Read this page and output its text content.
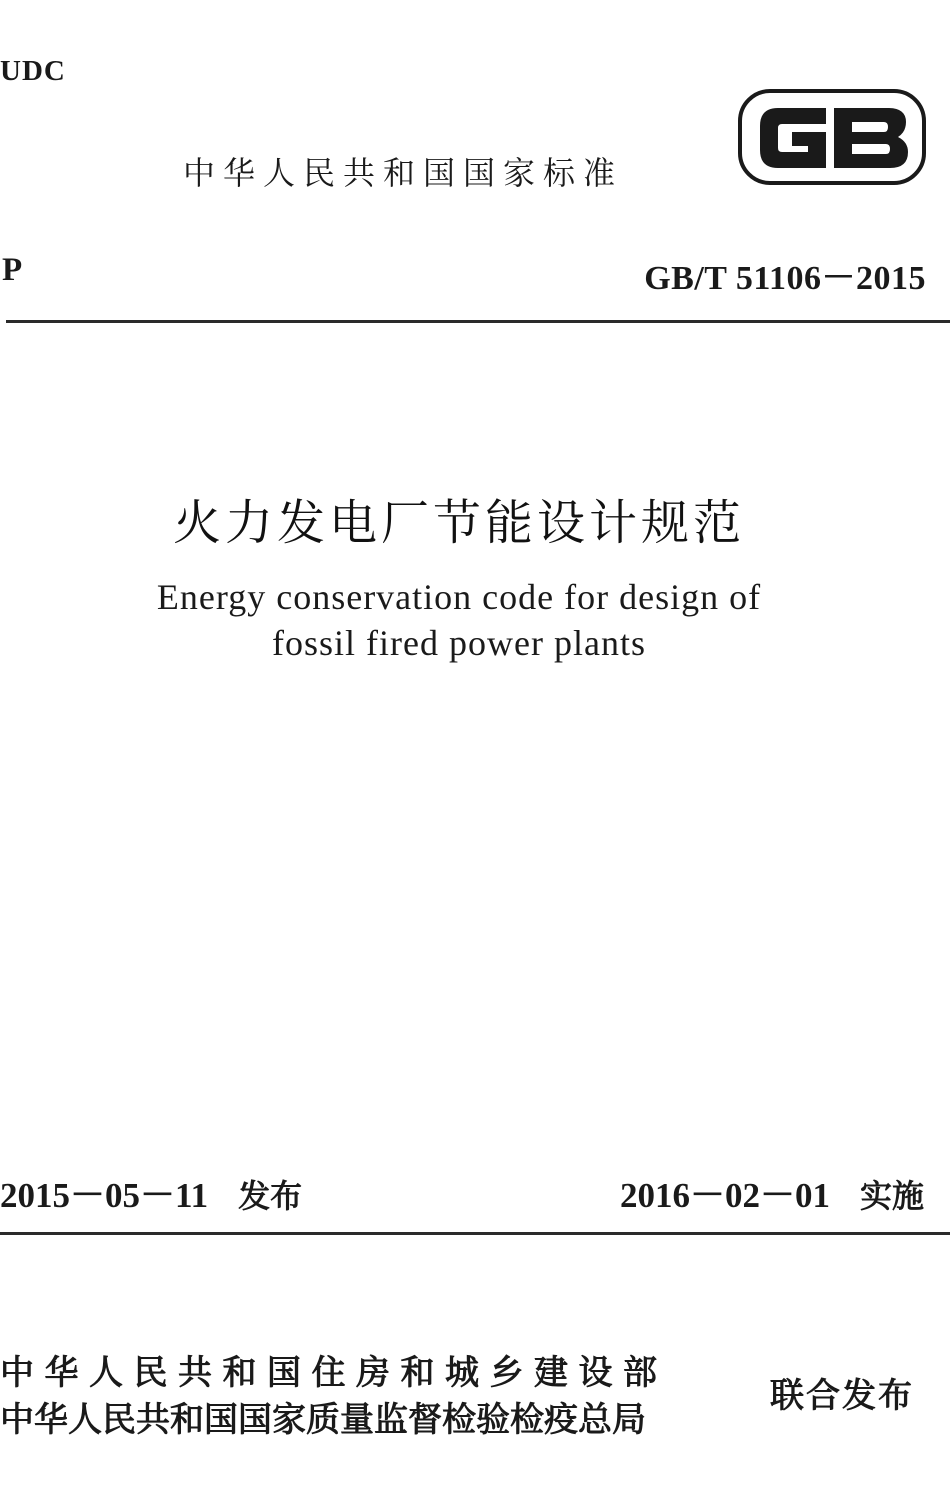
UDC
中华人民共和国国家标准
P	GB/T 51106－2015
火力发电厂节能设计规范
Energy conservation code for design of
fossil fired power plants
2015－05－11 发布	2016－02－01 实施
中华人民共和国住房和城乡建设部
中华人民共和国国家质量监督检验检疫总局
联合发布
